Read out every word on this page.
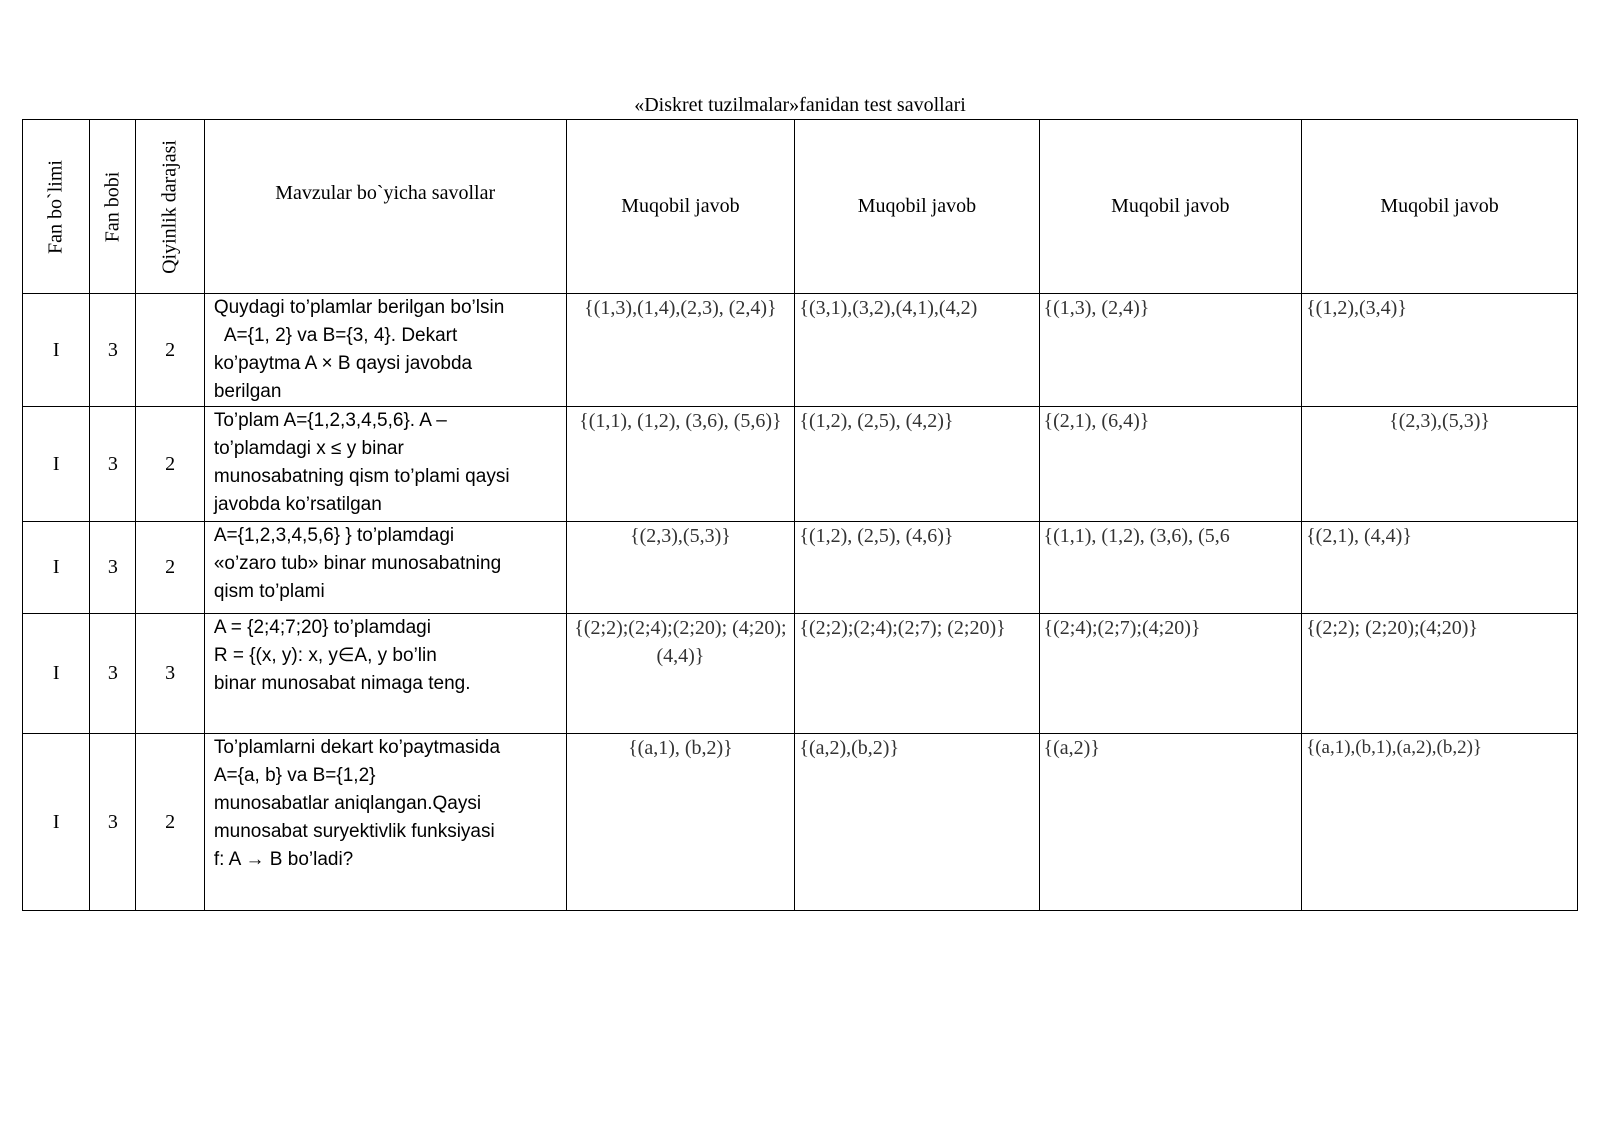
«Diskret tuzilmalar»fanidan test savollari
Fan bo`limi	Fan bobi	Qiyinlik darajasi	Mavzular bo`yicha savollar	Muqobil javob	Muqobil javob	Muqobil javob	Muqobil javob
I	3	2	Quydagi to’plamlar berilgan bo’lsin
A={1, 2} va B={3, 4}. Dekart
ko’paytma A × B qaysi javobda
berilgan	{(1,3),(1,4),(2,3), (2,4)}	{(3,1),(3,2),(4,1),(4,2)	{(1,3), (2,4)}	{(1,2),(3,4)}
I	3	2	To’plam A={1,2,3,4,5,6}. A –
to’plamdagi x ≤ y binar
munosabatning qism to’plami qaysi
javobda ko’rsatilgan	{(1,1), (1,2), (3,6), (5,6)}	{(1,2), (2,5), (4,2)}	{(2,1), (6,4)}	{(2,3),(5,3)}
I	3	2	A={1,2,3,4,5,6} } to’plamdagi
«o’zaro tub» binar munosabatning
qism to’plami	{(2,3),(5,3)}	{(1,2), (2,5), (4,6)}	{(1,1), (1,2), (3,6), (5,6	{(2,1), (4,4)}
I	3	3	A = {2;4;7;20} to’plamdagi
R = {(x, y): x, y∈A, y bo’lin
binar munosabat nimaga teng.	{(2;2);(2;4);(2;20); (4;20);(4,4)}	{(2;2);(2;4);(2;7); (2;20)}	{(2;4);(2;7);(4;20)}	{(2;2); (2;20);(4;20)}
I	3	2	To’plamlarni dekart ko’paytmasida
A={a, b} va B={1,2}
munosabatlar aniqlangan.Qaysi
munosabat suryektivlik funksiyasi
f: A → B bo’ladi?	{(a,1), (b,2)}	{(a,2),(b,2)}	{(a,2)}	{(a,1),(b,1),(a,2),(b,2)}
